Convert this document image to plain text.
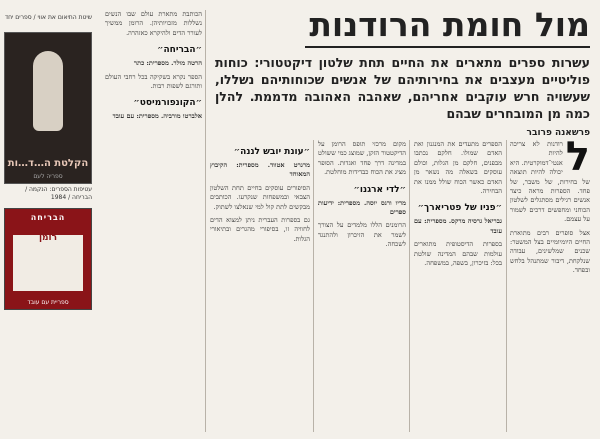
מול חומת הרודנות
עשרות ספרים מתארים את החיים תחת שלטון דיקטטורי: כוחות פוליטיים מעצבים את בחירותיהם של אנשים שכוחותיהם נשללו, שעשויה חרש עוקבים אחריהם, שאהבה האהובה מדממת. להלן כמה מן המובחרים שבהם
פרשאנה פרובר
ל

רודנות לא צריכה להיות אנטי־דמוקרטית. היא יכולה להיות תוצאה של בחירות, של משבר, של פחד. הספרות מראה כיצד אנשים רגילים מסתגלים לשלטון הכוחני ומחפשים דרכים לשמור על עצמם.

אצל סופרים רבים מתוארת החיים היומיומיים בצל המשטר: שכנים שמלשינים, עבודה שנלקחת, דיבור שמתנהל בלחש ובפחד.

הספרים מתעדים את המנגנון ואת האדם שמולו. חלקם נכתבו מבפנים, חלקם מן הגלות, וכולם עוסקים בשאלה מה נשאר מן האדם כאשר הכוח שולל ממנו את הבחירה.

״פניו של פטריארך״

גבריאל גרסיה מרקס. מספרית: עם עובד

בספרות הדיסטופית מתוארים עולמות שבהם המדינה שולטת בכל: בזיכרון, בשפה, במשפחה.

מקום מרכזי תופס הרומן על הדיקטטור הזקן, שמוצג כמי ששולט במדינה דרך פחד ואגדות. הסופר מציג את הכוח כבדידות מוחלטת.

״לדי ארגנו״

מריו ורגס יוסה. מספרית: ידיעות ספרים

הרומנים הללו מלמדים על הצורך לשמר את הזיכרון ולהתנגד לשכחה.

״עונת יובש לננה״

מרגרט אטווד. מספרית: הקיבוץ המאוחד

הסיפורים עוסקים בחיים תחת השלטון הצבאי ובמשפחות שנקרעו. הכותבים מבקשים לתת קול למי שנאלצו לשתוק.

גם בספרות העברית ניתן למצוא הדים לחוויה זו, בסיפורי מהגרים ובתיאורי הגלות.

הכותבת מתארת עולם שבו הנשים נשללות מזכויותיהן. הרומן ממשיך לעורר הדים ולהיקרא כאזהרה.

״הבריחה״

הרטה מולר. מספרית: כתר

הספר נקרא בשקיקה בכל רחבי העולם ותורגם לשפות רבות.

״הקונפורמיסט״

אלברטו מורביה. מספרית: עם עובד

שיטת התיאום את אווי / ספרים יחד
הקלטת ה…ד…ות
ספריה לעם
עטיפות הספרים: הנקמה / הבריחה / 1984
הבריחה
רומן
ספריית עם עובד
